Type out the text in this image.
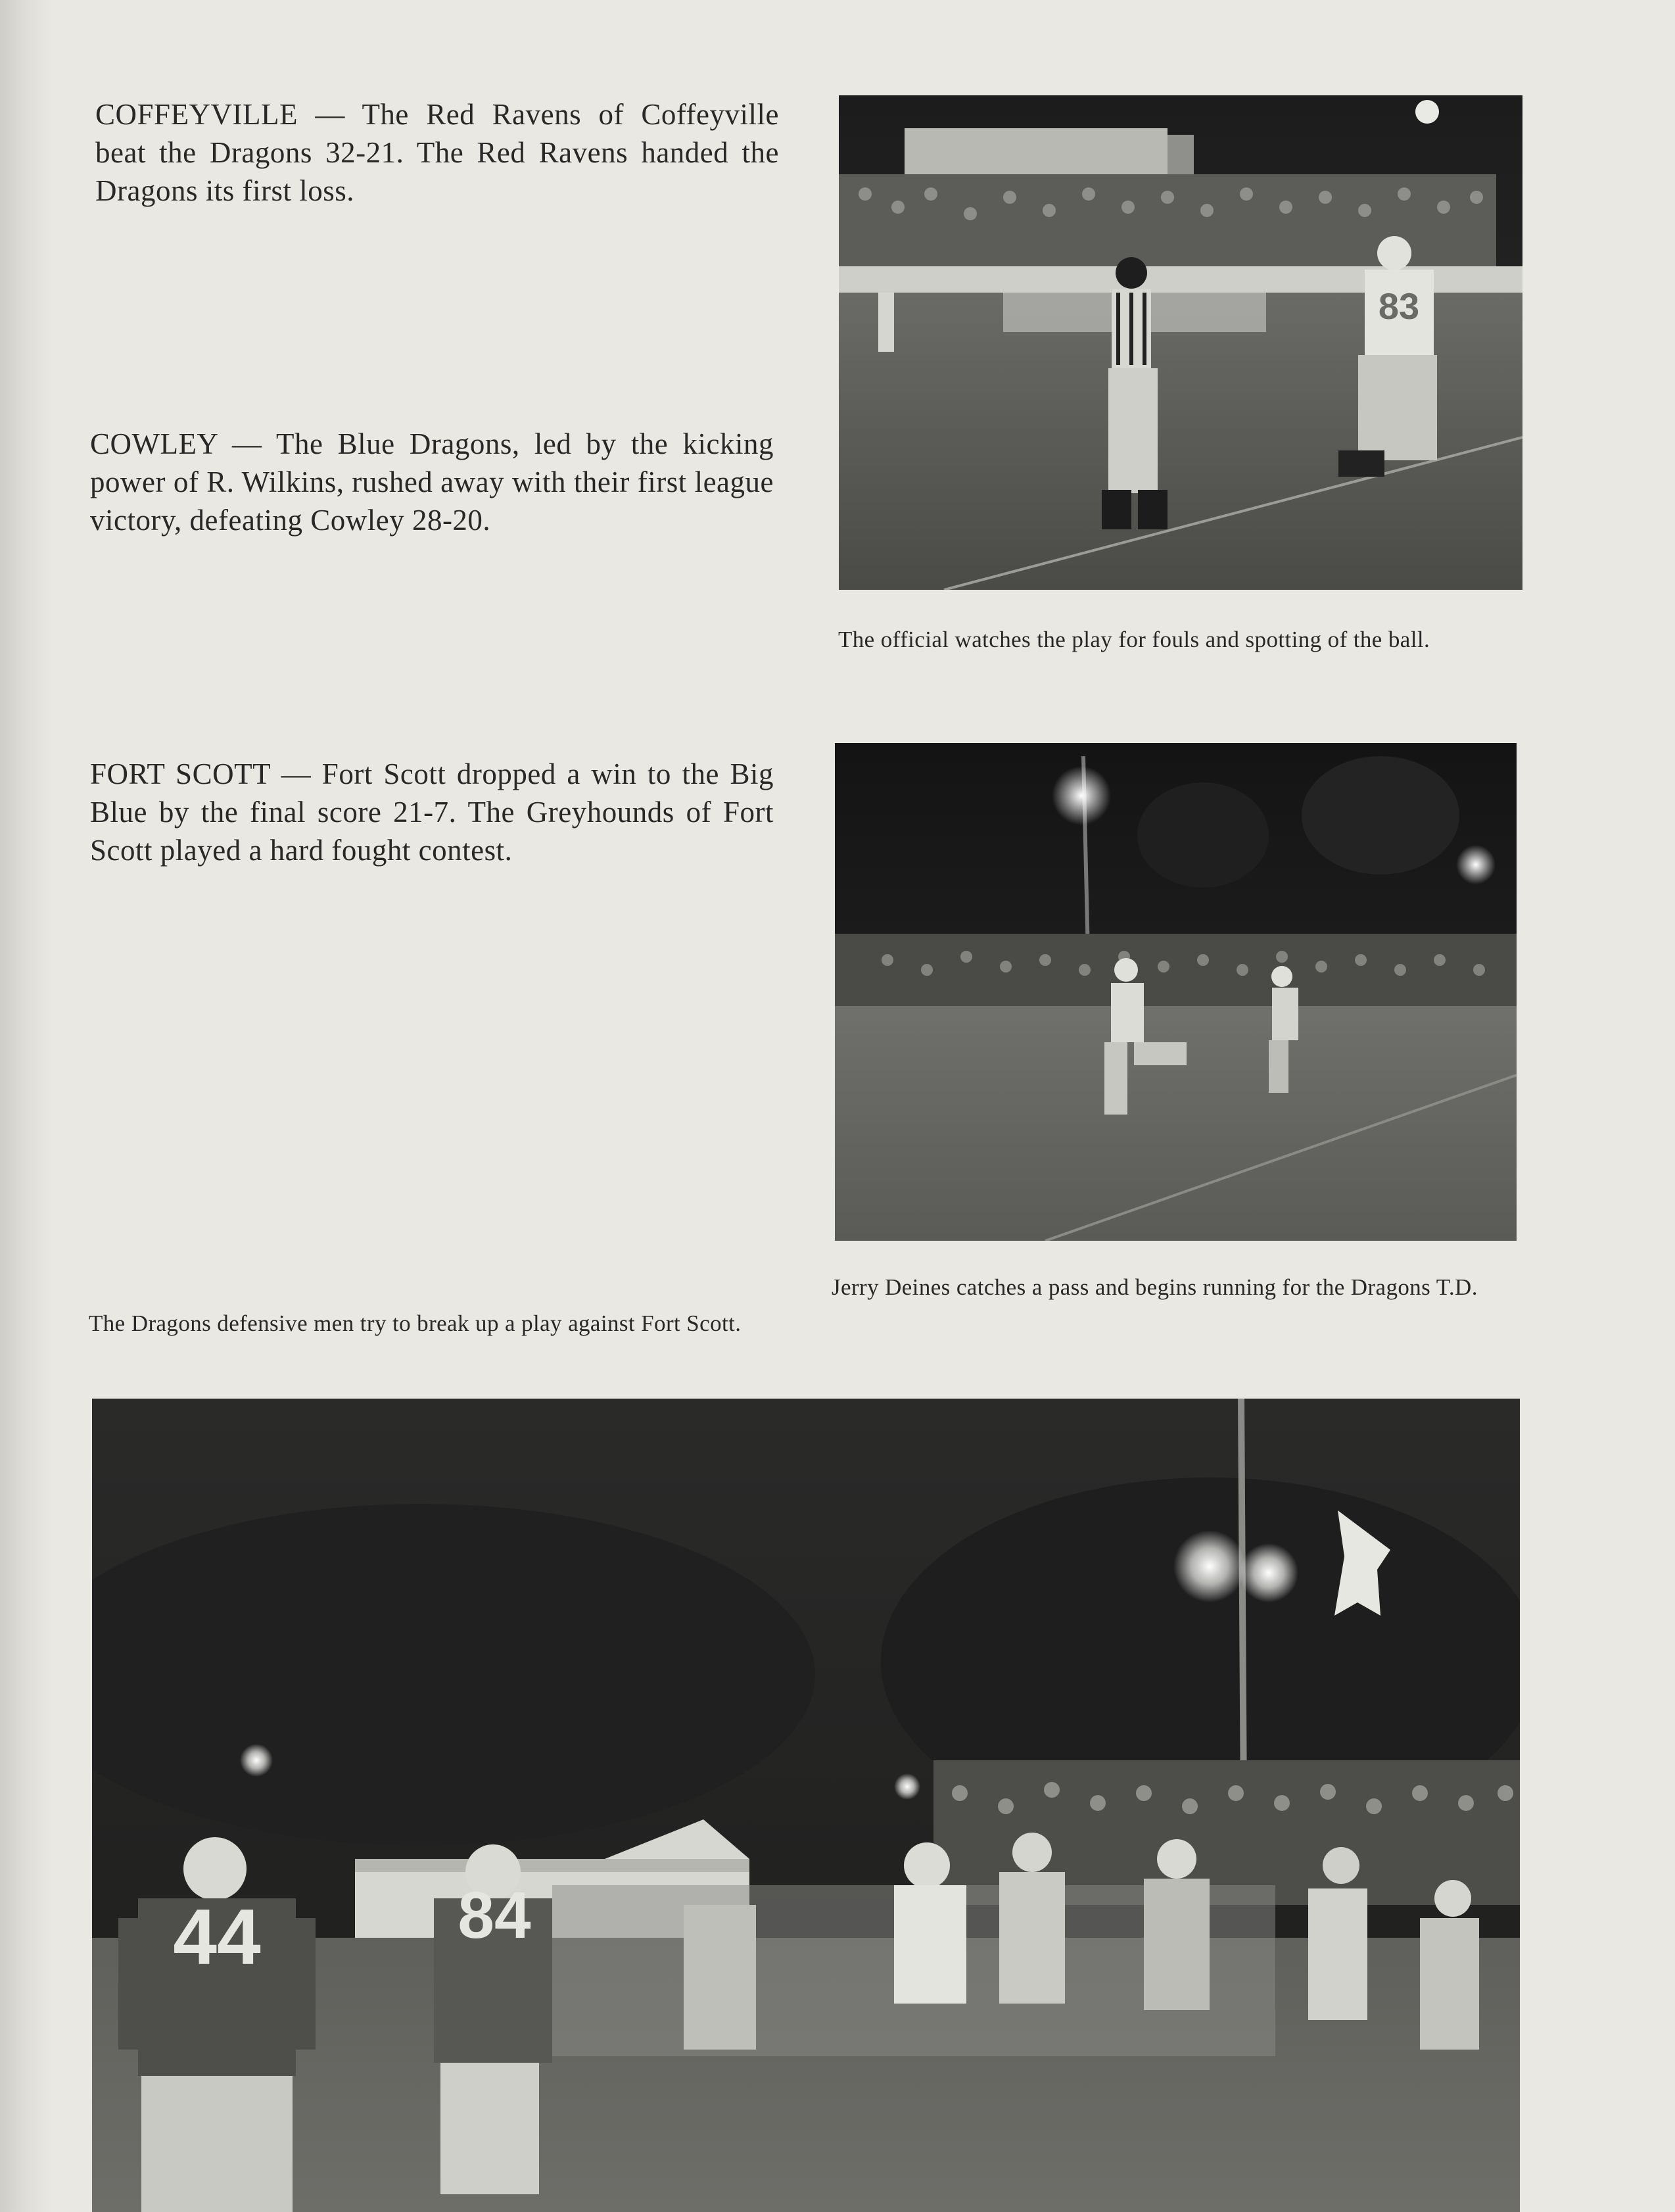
COFFEYVILLE — The Red Ravens of Coffeyville beat the Dragons 32-21. The Red Ravens handed the Dragons its first loss.
COWLEY — The Blue Dragons, led by the kicking power of R. Wilkins, rushed away with their first league victory, defeating Cowley 28-20.
FORT SCOTT — Fort Scott dropped a win to the Big Blue by the final score 21-7. The Greyhounds of Fort Scott played a hard fought contest.
83
The official watches the play for fouls and spotting of the ball.
Jerry Deines catches a pass and begins running for the Dragons T.D.
The Dragons defensive men try to break up a play against Fort Scott.
44	84
